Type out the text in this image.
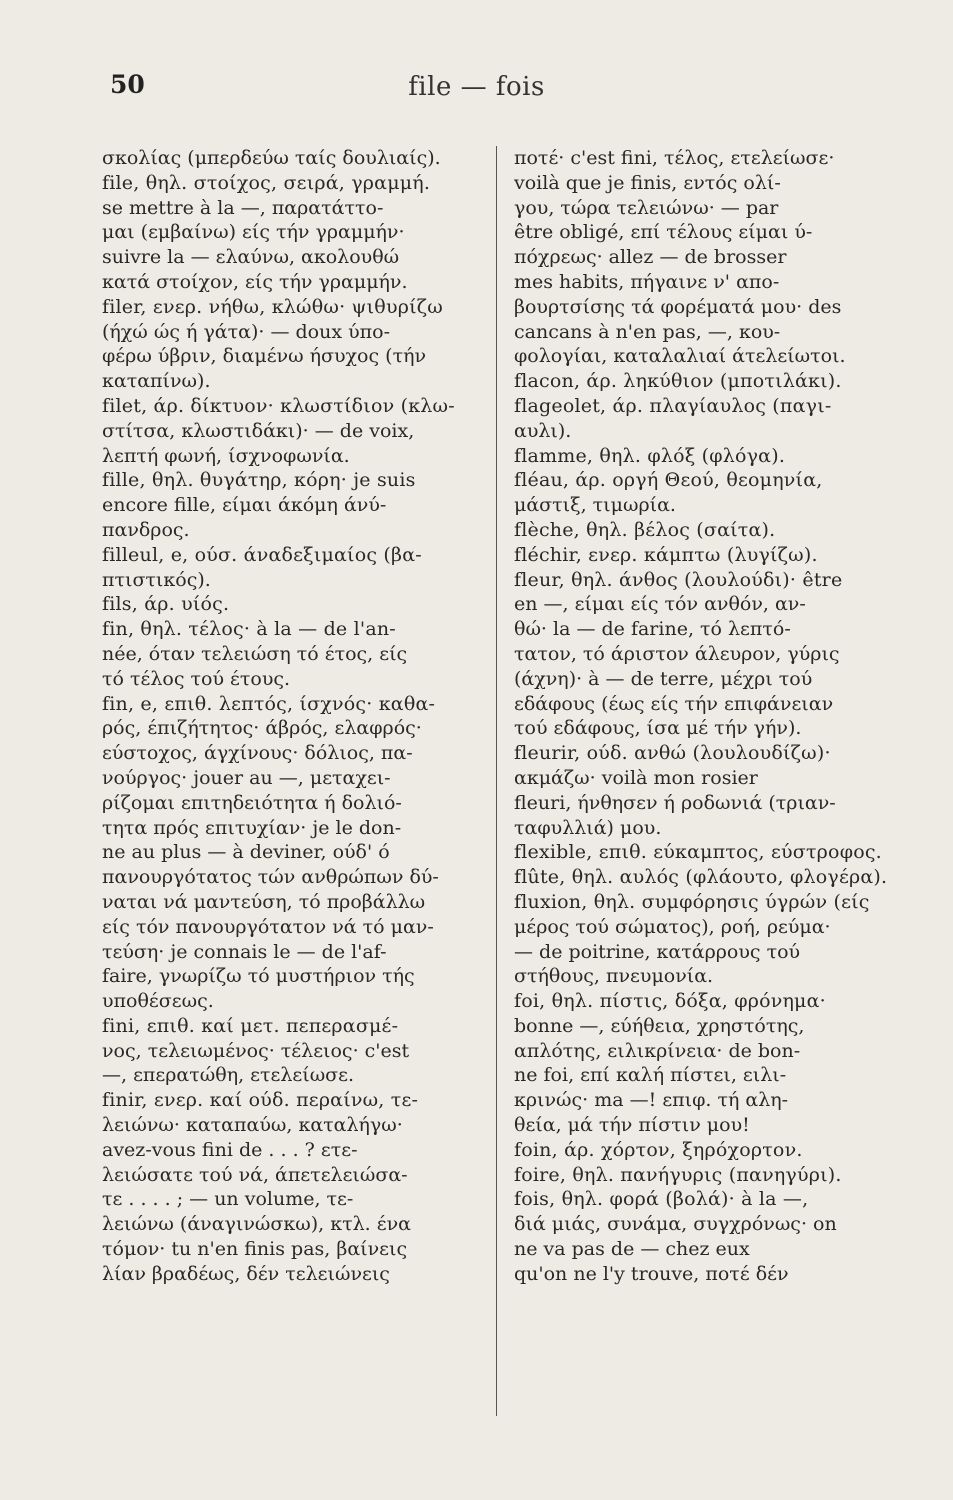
50	file — fois
σκολίας (μπερδεύω ταίς δουλιαίς).
file, θηλ. στοίχος, σειρά, γραμμή.
se mettre à la —, παρατάττο-
μαι (εμβαίνω) είς τήν γραμμήν·
suivre la — ελαύνω, ακολουθώ
κατά στοίχον, είς τήν γραμμήν.
filer, ενερ. νήθω, κλώθω· ψιθυρίζω
(ήχώ ώς ή γάτα)· — doux ύπο-
φέρω ύβριν, διαμένω ήσυχος (τήν
καταπίνω).
filet, άρ. δίκτυον· κλωστίδιον (κλω-
στίτσα, κλωστιδάκι)· — de voix,
λεπτή φωνή, ίσχνοφωνία.
fille, θηλ. θυγάτηρ, κόρη· je suis
encore fille, είμαι άκόμη άνύ-
πανδρος.
filleul, e, ούσ. άναδεξιμαίος (βα-
πτιστικός).
fils, άρ. υίός.
fin, θηλ. τέλος· à la — de l'an-
née, όταν τελειώση τό έτος, είς
τό τέλος τού έτους.
fin, e, επιθ. λεπτός, ίσχνός· καθα-
ρός, έπιζήτητος· άβρός, ελαφρός·
εύστοχος, άγχίνους· δόλιος, πα-
νούργος· jouer au —, μεταχει-
ρίζομαι επιτηδειότητα ή δολιό-
τητα πρός επιτυχίαν· je le don-
ne au plus — à deviner, ούδ' ό
πανουργότατος τών ανθρώπων δύ-
ναται νά μαντεύση, τό προβάλλω
είς τόν πανουργότατον νά τό μαν-
τεύση· je connais le — de l'af-
faire, γνωρίζω τό μυστήριον τής
υποθέσεως.
fini, επιθ. καί μετ. πεπερασμέ-
νος, τελειωμένος· τέλειος· c'est
—, επερατώθη, ετελείωσε.
finir, ενερ. καί ούδ. περαίνω, τε-
λειώνω· καταπαύω, καταλήγω·
avez-vous fini de . . . ? ετε-
λειώσατε τού νά, άπετελειώσα-
τε . . . . ; — un volume, τε-
λειώνω (άναγινώσκω), κτλ. ένα
τόμον· tu n'en finis pas, βαίνεις
λίαν βραδέως, δέν τελειώνεις
ποτέ· c'est fini, τέλος, ετελείωσε·
voilà que je finis, εντός ολί-
γου, τώρα τελειώνω· — par
être obligé, επί τέλους είμαι ύ-
πόχρεως· allez — de brosser
mes habits, πήγαινε ν' απο-
βουρτσίσης τά φορέματά μου· des
cancans à n'en pas, —, κου-
φολογίαι, καταλαλιαί άτελείωτοι.
flacon, άρ. ληκύθιον (μποτιλάκι).
flageolet, άρ. πλαγίαυλος (παγι-
αυλι).
flamme, θηλ. φλόξ (φλόγα).
fléau, άρ. οργή Θεού, θεομηνία,
μάστιξ, τιμωρία.
flèche, θηλ. βέλος (σαίτα).
fléchir, ενερ. κάμπτω (λυγίζω).
fleur, θηλ. άνθος (λουλούδι)· être
en —, είμαι είς τόν ανθόν, αν-
θώ· la — de farine, τό λεπτό-
τατον, τό άριστον άλευρον, γύρις
(άχνη)· à — de terre, μέχρι τού
εδάφους (έως είς τήν επιφάνειαν
τού εδάφους, ίσα μέ τήν γήν).
fleurir, ούδ. ανθώ (λουλουδίζω)·
ακμάζω· voilà mon rosier
fleuri, ήνθησεν ή ροδωνιά (τριαν-
ταφυλλιά) μου.
flexible, επιθ. εύκαμπτος, εύστροφος.
flûte, θηλ. αυλός (φλάουτο, φλογέρα).
fluxion, θηλ. συμφόρησις ύγρών (είς
μέρος τού σώματος), ροή, ρεύμα·
— de poitrine, κατάρρους τού
στήθους, πνευμονία.
foi, θηλ. πίστις, δόξα, φρόνημα·
bonne —, εύήθεια, χρηστότης,
απλότης, ειλικρίνεια· de bon-
ne foi, επί καλή πίστει, ειλι-
κρινώς· ma —! επιφ. τή αλη-
θεία, μά τήν πίστιν μου!
foin, άρ. χόρτον, ξηρόχορτον.
foire, θηλ. πανήγυρις (πανηγύρι).
fois, θηλ. φορά (βολά)· à la —,
διά μιάς, συνάμα, συγχρόνως· on
ne va pas de — chez eux
qu'on ne l'y trouve, ποτέ δέν
